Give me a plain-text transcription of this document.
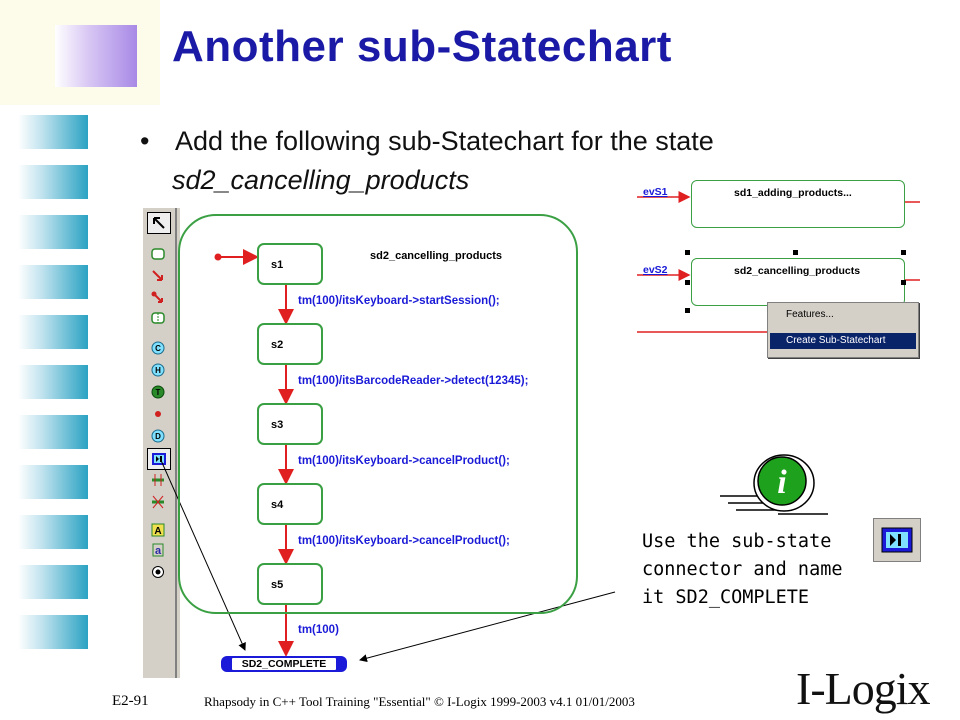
Another sub-Statechart
• Add the following sub-Statechart for the state
sd2_cancelling_products
C
H
T
D
A
a
sd2_cancelling_products
s1
s2
s3
s4
s5
tm(100)/itsKeyboard->startSession();
tm(100)/itsBarcodeReader->detect(12345);
tm(100)/itsKeyboard->cancelProduct();
tm(100)/itsKeyboard->cancelProduct();
tm(100)
SD2_COMPLETE
evS1	sd1_adding_products...
evS2	sd2_cancelling_products
Features...
Create Sub-Statechart
i
Use the sub-state
connector and name
it SD2_COMPLETE
E2-91	Rhapsody in C++ Tool Training "Essential" © I-Logix 1999-2003 v4.1 01/01/2003	I-Logix
